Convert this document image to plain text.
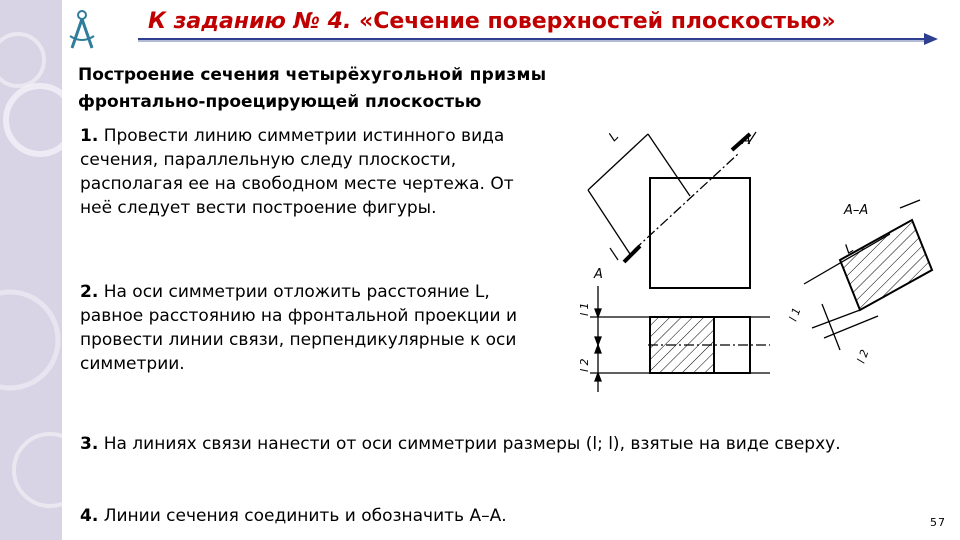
К заданию № 4. «Сечение поверхностей плоскостью»
Построение сечения четырёхугольной призмы
фронтально-проецирующей плоскостью
1. Провести линию симметрии истинного вида сечения, параллельную следу плоскости, располагая ее на свободном месте чертежа. От неё следует вести построение фигуры.
2. На оси симметрии отложить расстояние L, равное расстоянию на фронтальной проекции и провести линии связи, перпендикулярные к оси симметрии.
3. На линиях связи нанести от оси симметрии размеры (l; l), взятые на виде сверху.
4. Линии сечения соединить и обозначить А–А.
А
А
А–А
L
L
l 1
l 2
l 1
l 2
57
